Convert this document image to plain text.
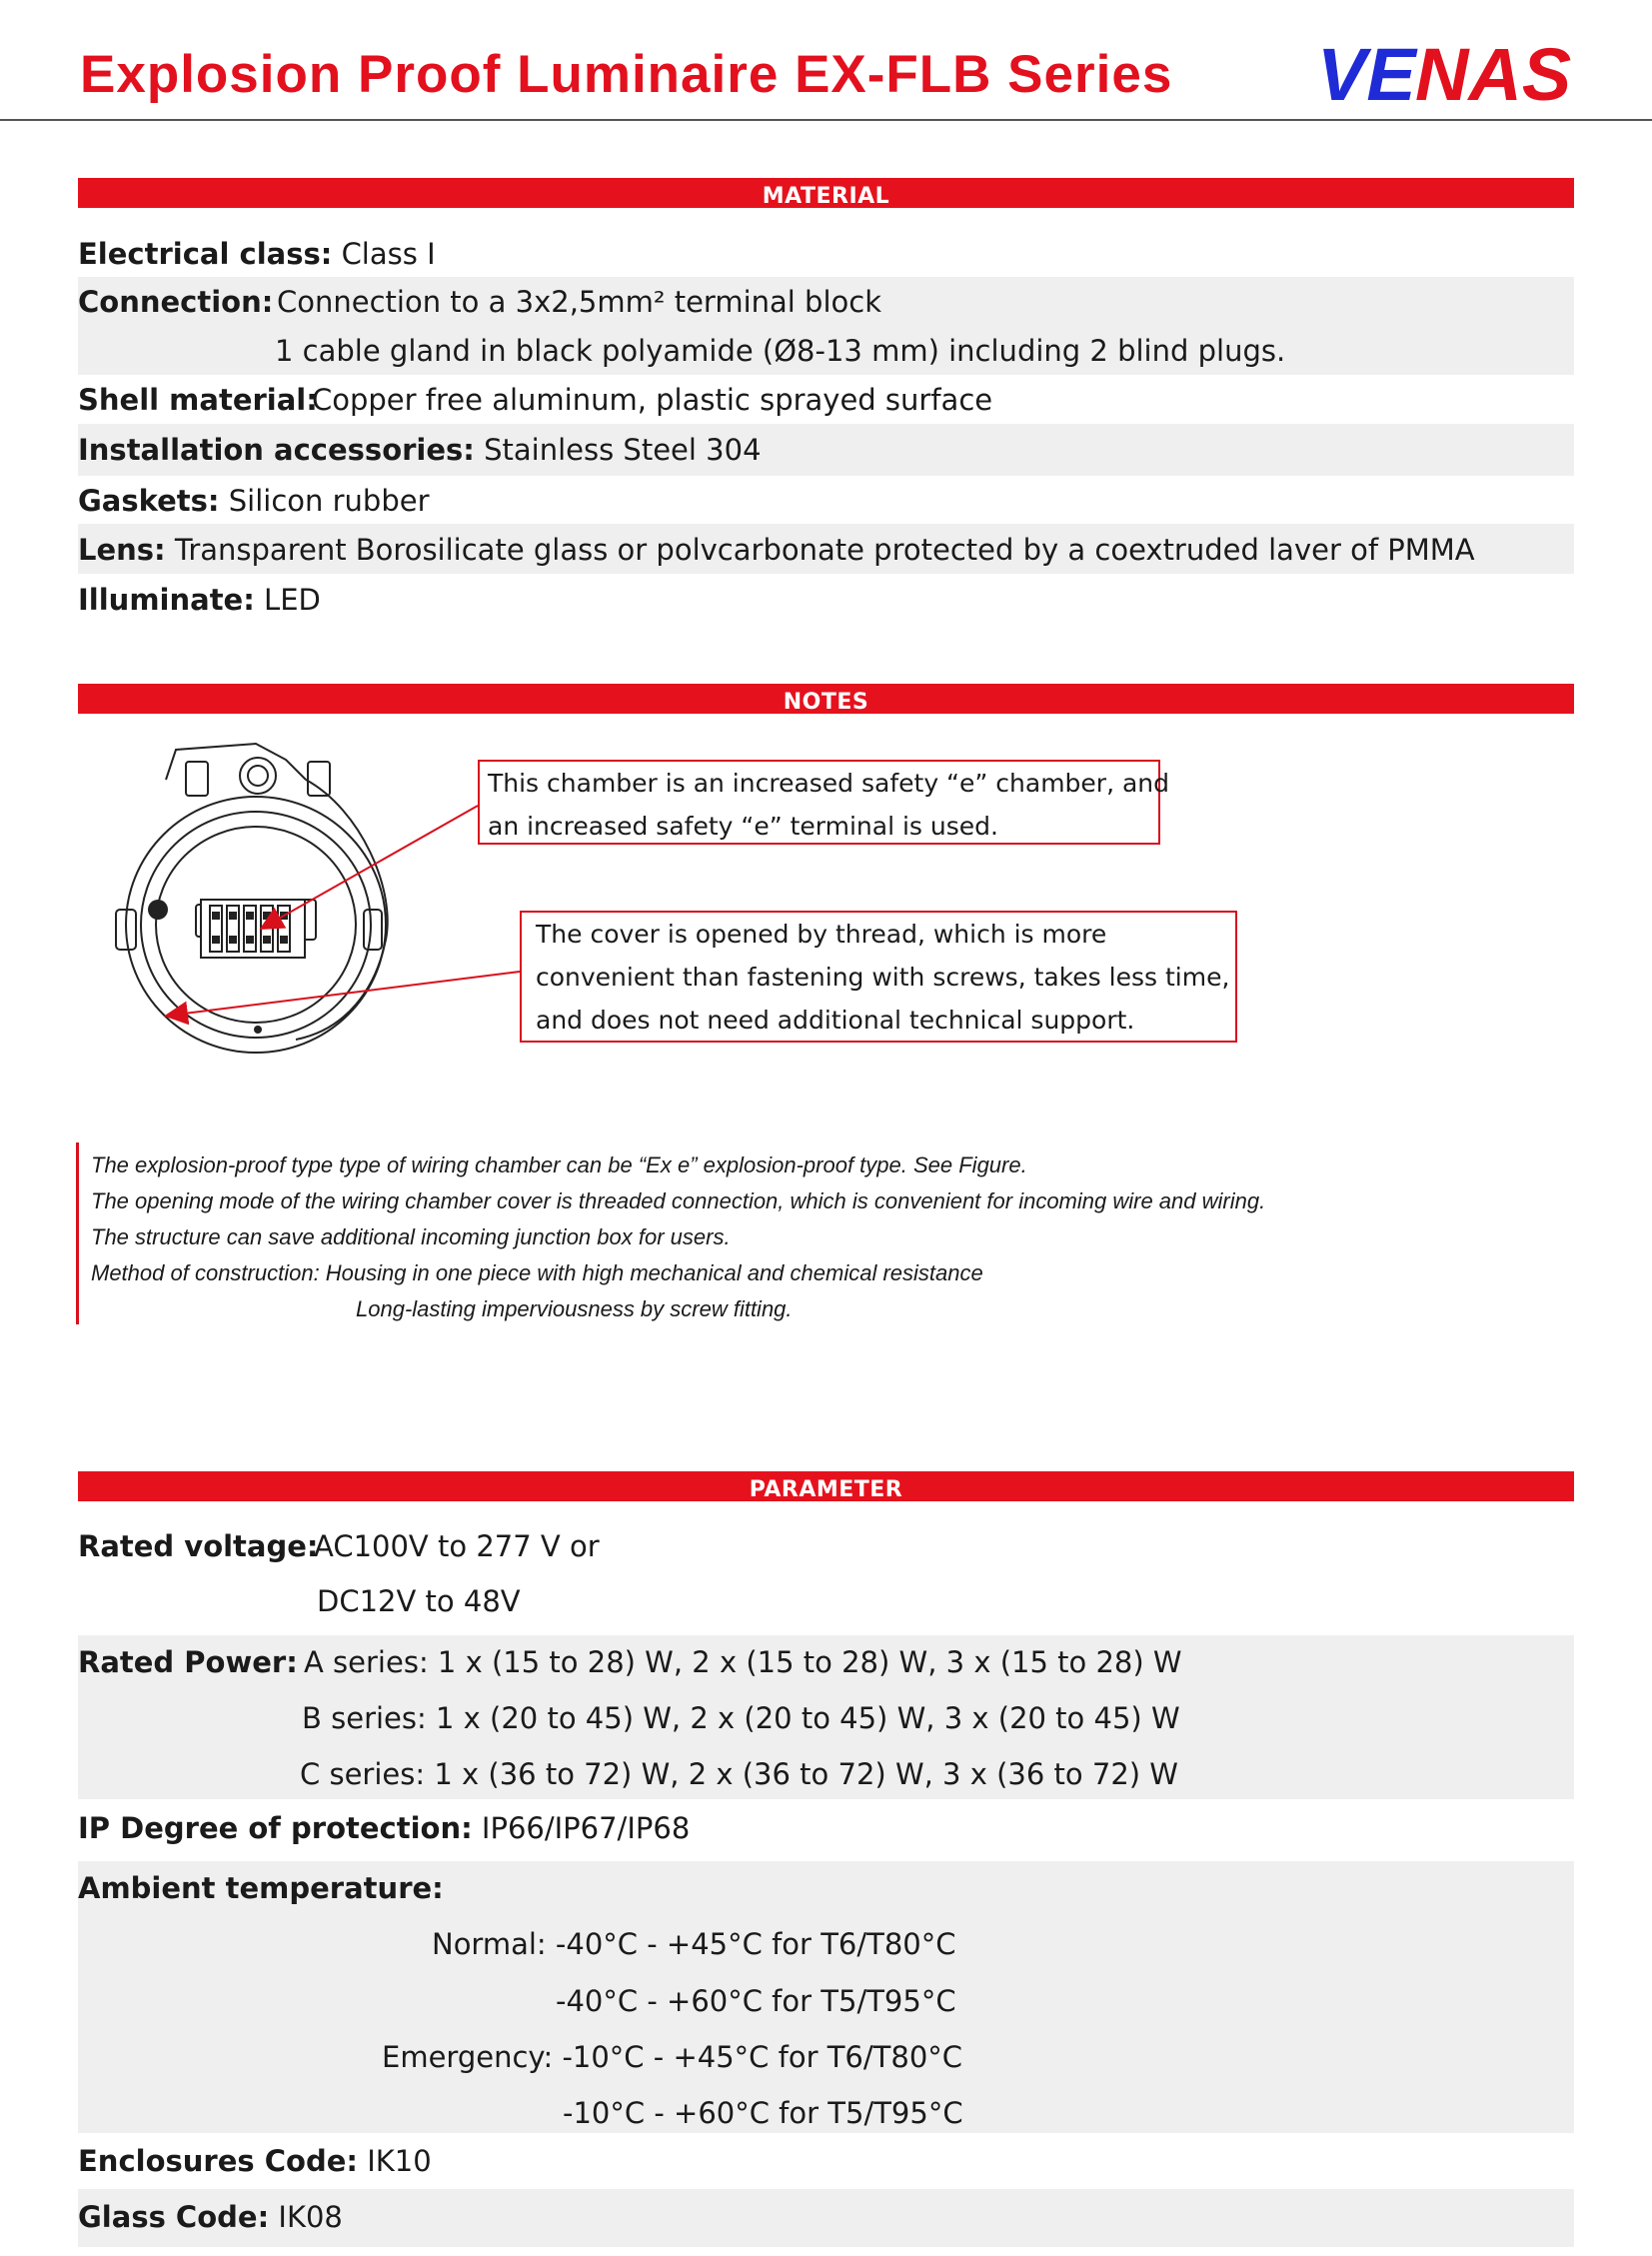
Explosion Proof Luminaire EX-FLB Series VE NAS
MATERIAL
Electrical class: Class I
Connection: Connection to a 3x2,5mm² terminal block
1 cable gland in black polyamide (Ø8-13 mm) including 2 blind plugs.
Shell material:
Copper free aluminum, plastic sprayed surface
Installation accessories: Stainless Steel 304
Gaskets: Silicon rubber
Lens: Transparent Borosilicate glass or polvcarbonate protected by a coextruded laver of PMMA
Illuminate: LED
NOTES
This chamber is an increased safety “e” chamber, and
an increased safety “e” terminal is used.
The cover is opened by thread, which is more
convenient than fastening with screws, takes less time,
and does not need additional technical support.
The explosion-proof type type of wiring chamber can be “Ex e” explosion-proof type. See Figure.
The opening mode of the wiring chamber cover is threaded connection, which is convenient for incoming wire and wiring.
The structure can save additional incoming junction box for users.
Method of construction: Housing in one piece with high mechanical and chemical resistance
Long-lasting imperviousness by screw fitting.
PARAMETER
Rated voltage:
AC100V to 277 V or
DC12V to 48V
Rated Power: A series: 1 x (15 to 28) W, 2 x (15 to 28) W, 3 x (15 to 28) W
B series: 1 x (20 to 45) W, 2 x (20 to 45) W, 3 x (20 to 45) W
C series: 1 x (36 to 72) W, 2 x (36 to 72) W, 3 x (36 to 72) W
IP Degree of protection: IP66/IP67/IP68
Ambient temperature:
Normal: -40°C - +45°C for T6/T80°C
-40°C - +60°C for T5/T95°C
Emergency: -10°C - +45°C for T6/T80°C
-10°C - +60°C for T5/T95°C
Enclosures Code: IK10
Glass Code: IK08
